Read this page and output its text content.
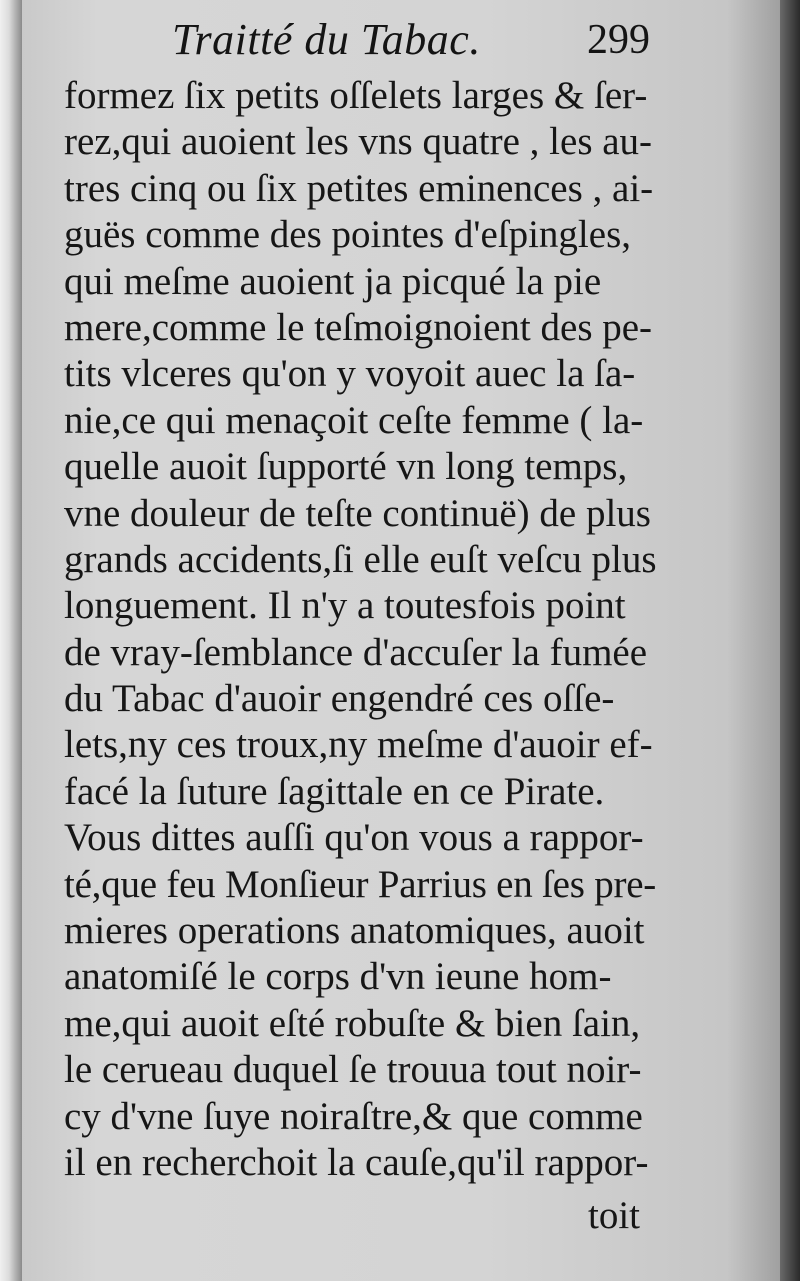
Traitté du Tabac.	299
formez ſix petits oſſelets larges & ſer-
rez,qui auoient les vns quatre , les au-
tres cinq ou ſix petites eminences , ai-
guës comme des pointes d'eſpingles,
qui meſme auoient ja picqué la pie
mere,comme le teſmoignoient des pe-
tits vlceres qu'on y voyoit auec la ſa-
nie,ce qui menaçoit ceſte femme ( la-
quelle auoit ſupporté vn long temps,
vne douleur de teſte continuë) de plus
grands accidents,ſi elle euſt veſcu plus
longuement. Il n'y a toutesfois point
de vray-ſemblance d'accuſer la fumée
du Tabac d'auoir engendré ces oſſe-
lets,ny ces troux,ny meſme d'auoir ef-
facé la ſuture ſagittale en ce Pirate.
Vous dittes auſſi qu'on vous a rappor-
té,que feu Monſieur Parrius en ſes pre-
mieres operations anatomiques, auoit
anatomiſé le corps d'vn ieune hom-
me,qui auoit eſté robuſte & bien ſain,
le cerueau duquel ſe trouua tout noir-
cy d'vne ſuye noiraſtre,& que comme
il en recherchoit la cauſe,qu'il rappor-
toit
